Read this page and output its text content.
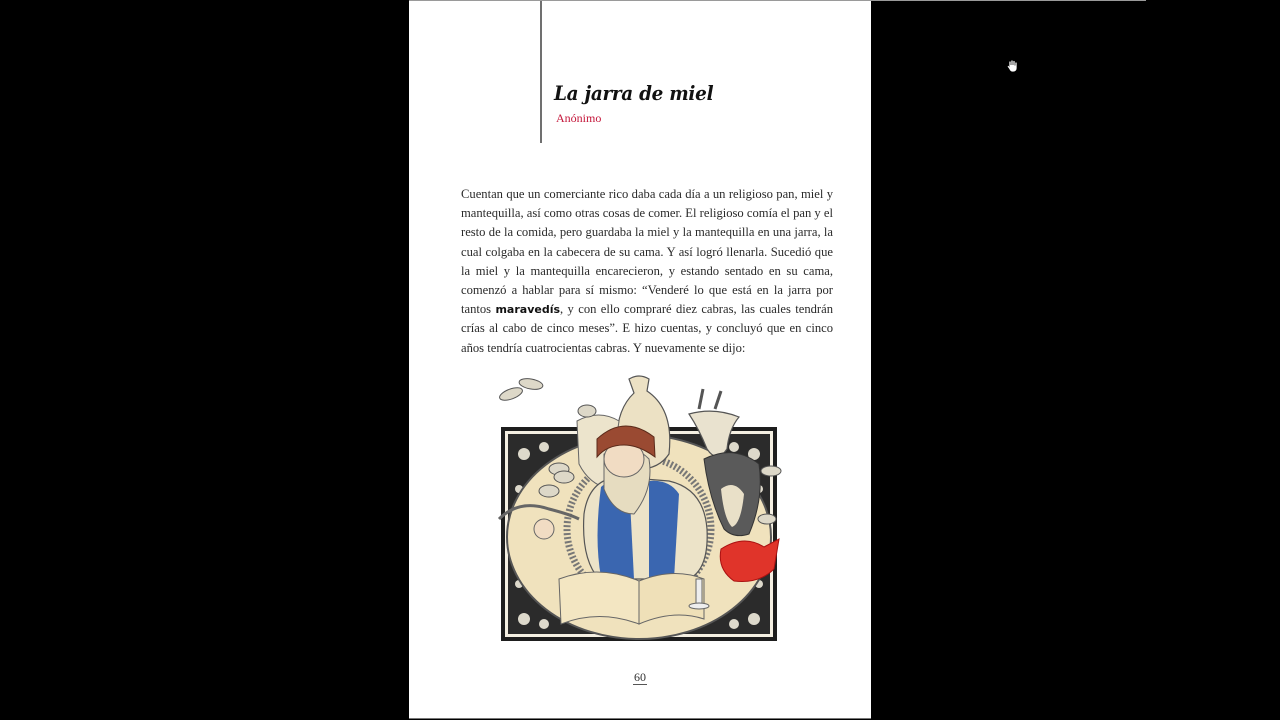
La jarra de miel
Anónimo
Cuentan que un comerciante rico daba cada día a un religioso pan, miel y mantequilla, así como otras cosas de comer. El religioso comía el pan y el resto de la comida, pero guardaba la miel y la mantequilla en una jarra, la cual colgaba en la cabecera de su cama. Y así logró llenarla. Sucedió que la miel y la mantequilla encarecieron, y estando sentado en su cama, comenzó a hablar para sí mismo: “Venderé lo que está en la jarra por tantos maravedís, y con ello compraré diez cabras, las cuales tendrán crías al cabo de cinco meses”. E hizo cuentas, y concluyó que en cinco años tendría cuatrocientas cabras. Y nuevamente se dijo:
60
